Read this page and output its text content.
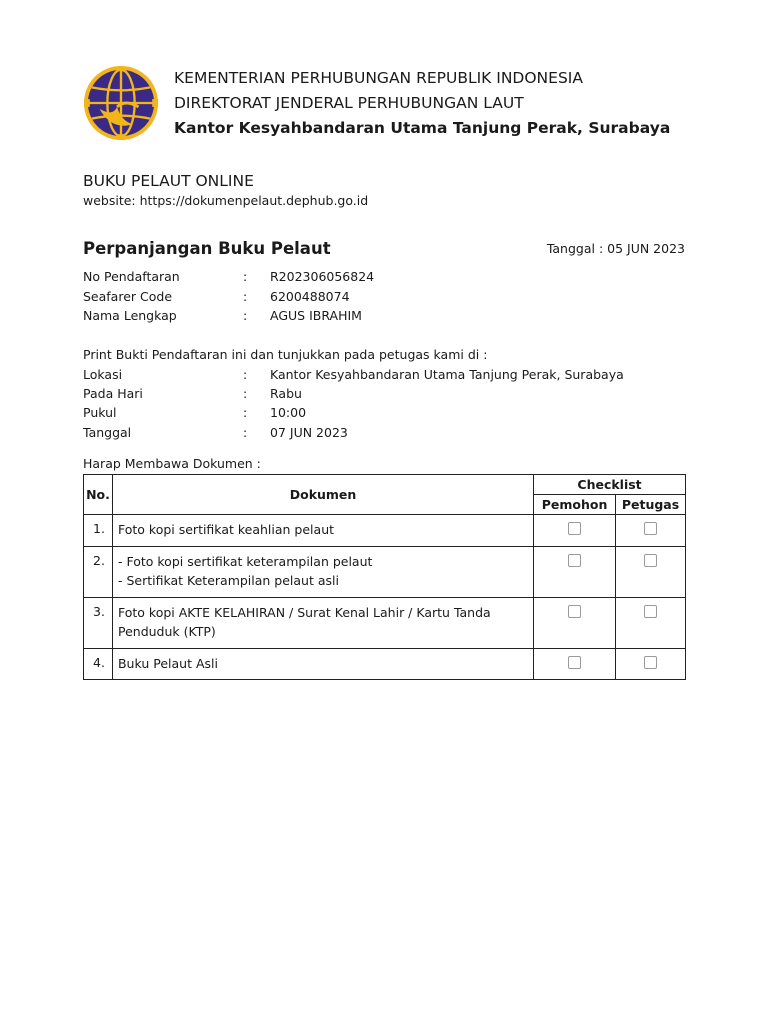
KEMENTERIAN PERHUBUNGAN REPUBLIK INDONESIA
DIREKTORAT JENDERAL PERHUBUNGAN LAUT
Kantor Kesyahbandaran Utama Tanjung Perak, Surabaya
BUKU PELAUT ONLINE
website: https://dokumenpelaut.dephub.go.id
Perpanjangan Buku Pelaut	Tanggal : 05 JUN 2023
No Pendaftaran	: R202306056824
Seafarer Code	: 6200488074
Nama Lengkap	: AGUS IBRAHIM
Print Bukti Pendaftaran ini dan tunjukkan pada petugas kami di :
Lokasi	: Kantor Kesyahbandaran Utama Tanjung Perak, Surabaya
Pada Hari	: Rabu
Pukul	: 10:00
Tanggal	: 07 JUN 2023
Harap Membawa Dokumen :
No.	Dokumen	Checklist	
		Pemohon	Petugas
1.	Foto kopi sertifikat keahlian pelaut		

2.	- Foto kopi sertifikat keterampilan pelaut
- Sertifikat Keterampilan pelaut asli		

3.	Foto kopi AKTE KELAHIRAN / Surat Kenal Lahir / Kartu Tanda
Penduduk (KTP)		

4.	Buku Pelaut Asli		
